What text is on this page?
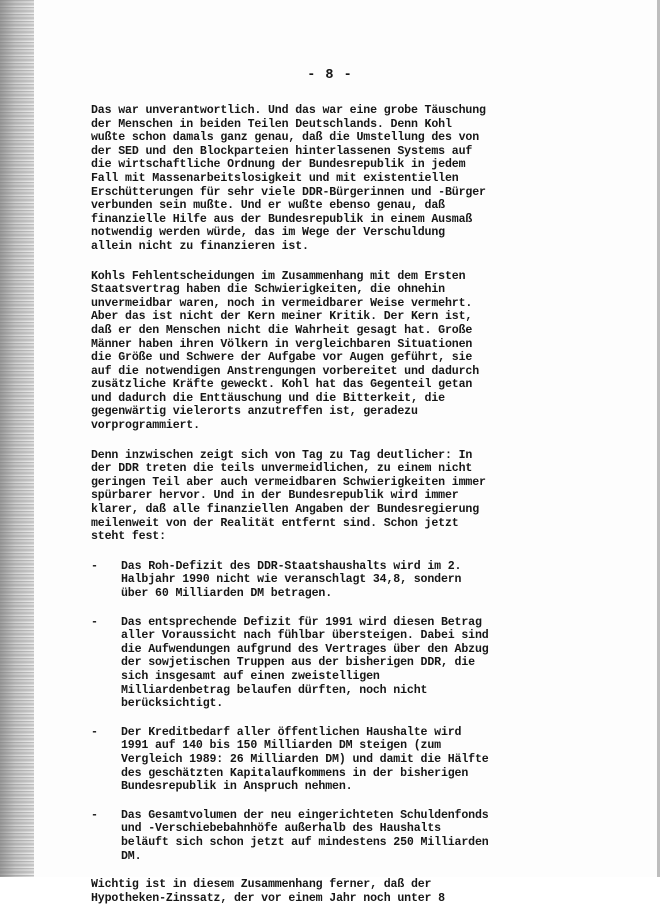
- 8 -

Das war unverantwortlich. Und das war eine grobe Täuschung
der Menschen in beiden Teilen Deutschlands. Denn Kohl
wußte schon damals ganz genau, daß die Umstellung des von
der SED und den Blockparteien hinterlassenen Systems auf
die wirtschaftliche Ordnung der Bundesrepublik in jedem
Fall mit Massenarbeitslosigkeit und mit existentiellen
Erschütterungen für sehr viele DDR-Bürgerinnen und -Bürger
verbunden sein mußte. Und er wußte ebenso genau, daß
finanzielle Hilfe aus der Bundesrepublik in einem Ausmaß
notwendig werden würde, das im Wege der Verschuldung
allein nicht zu finanzieren ist.

Kohls Fehlentscheidungen im Zusammenhang mit dem Ersten
Staatsvertrag haben die Schwierigkeiten, die ohnehin
unvermeidbar waren, noch in vermeidbarer Weise vermehrt.
Aber das ist nicht der Kern meiner Kritik. Der Kern ist,
daß er den Menschen nicht die Wahrheit gesagt hat. Große
Männer haben ihren Völkern in vergleichbaren Situationen
die Größe und Schwere der Aufgabe vor Augen geführt, sie
auf die notwendigen Anstrengungen vorbereitet und dadurch
zusätzliche Kräfte geweckt. Kohl hat das Gegenteil getan
und dadurch die Enttäuschung und die Bitterkeit, die
gegenwärtig vielerorts anzutreffen ist, geradezu
vorprogrammiert.

Denn inzwischen zeigt sich von Tag zu Tag deutlicher: In
der DDR treten die teils unvermeidlichen, zu einem nicht
geringen Teil aber auch vermeidbaren Schwierigkeiten immer
spürbarer hervor. Und in der Bundesrepublik wird immer
klarer, daß alle finanziellen Angaben der Bundesregierung
meilenweit von der Realität entfernt sind. Schon jetzt
steht fest:

- Das Roh-Defizit des DDR-Staatshaushalts wird im 2.
Halbjahr 1990 nicht wie veranschlagt 34,8, sondern
über 60 Milliarden DM betragen.
- Das entsprechende Defizit für 1991 wird diesen Betrag
aller Voraussicht nach fühlbar übersteigen. Dabei sind
die Aufwendungen aufgrund des Vertrages über den Abzug
der sowjetischen Truppen aus der bisherigen DDR, die
sich insgesamt auf einen zweistelligen
Milliardenbetrag belaufen dürften, noch nicht
berücksichtigt.
- Der Kreditbedarf aller öffentlichen Haushalte wird
1991 auf 140 bis 150 Milliarden DM steigen (zum
Vergleich 1989: 26 Milliarden DM) und damit die Hälfte
des geschätzten Kapitalaufkommens in der bisherigen
Bundesrepublik in Anspruch nehmen.
- Das Gesamtvolumen der neu eingerichteten Schuldenfonds
und -Verschiebebahnhöfe außerhalb des Haushalts
beläuft sich schon jetzt auf mindestens 250 Milliarden
DM.

Wichtig ist in diesem Zusammenhang ferner, daß der
Hypotheken-Zinssatz, der vor einem Jahr noch unter 8
